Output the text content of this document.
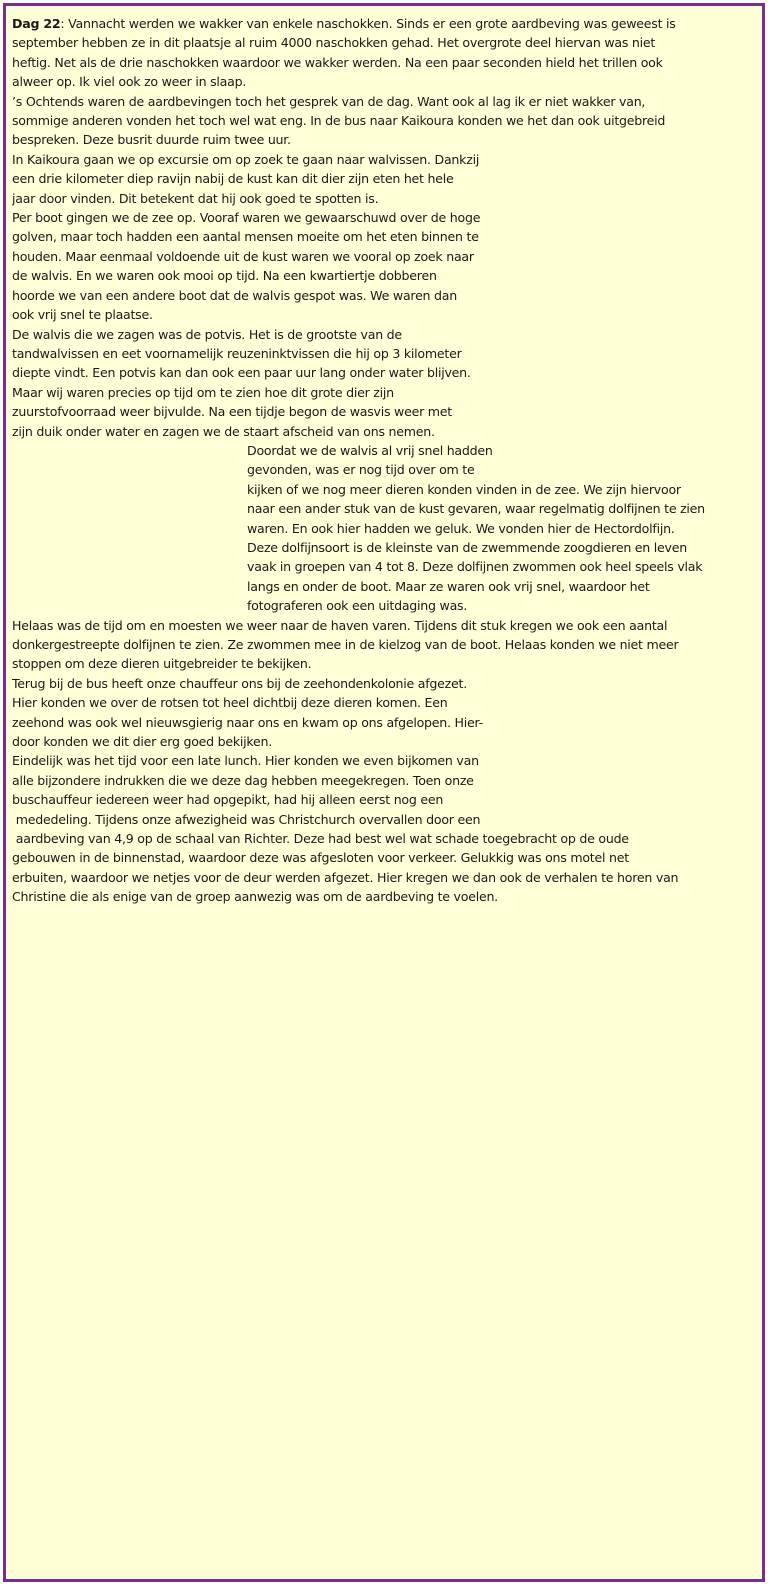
Dag 22: Vannacht werden we wakker van enkele naschokken. Sinds er een grote aardbeving was geweest is
september hebben ze in dit plaatsje al ruim 4000 naschokken gehad. Het overgrote deel hiervan was niet
heftig. Net als de drie naschokken waardoor we wakker werden. Na een paar seconden hield het trillen ook
alweer op. Ik viel ook zo weer in slaap.
’s Ochtends waren de aardbevingen toch het gesprek van de dag. Want ook al lag ik er niet wakker van,
sommige anderen vonden het toch wel wat eng. In de bus naar Kaikoura konden we het dan ook uitgebreid
bespreken. Deze busrit duurde ruim twee uur.
In Kaikoura gaan we op excursie om op zoek te gaan naar walvissen. Dankzij
een drie kilometer diep ravijn nabij de kust kan dit dier zijn eten het hele
jaar door vinden. Dit betekent dat hij ook goed te spotten is.
Per boot gingen we de zee op. Vooraf waren we gewaarschuwd over de hoge
golven, maar toch hadden een aantal mensen moeite om het eten binnen te
houden. Maar eenmaal voldoende uit de kust waren we vooral op zoek naar
de walvis. En we waren ook mooi op tijd. Na een kwartiertje dobberen
hoorde we van een andere boot dat de walvis gespot was. We waren dan
ook vrij snel te plaatse.
De walvis die we zagen was de potvis. Het is de grootste van de
tandwalvissen en eet voornamelijk reuzeninktvissen die hij op 3 kilometer
diepte vindt. Een potvis kan dan ook een paar uur lang onder water blijven.
Maar wij waren precies op tijd om te zien hoe dit grote dier zijn
zuurstofvoorraad weer bijvulde. Na een tijdje begon de wasvis weer met
zijn duik onder water en zagen we de staart afscheid van ons nemen.
Doordat we de walvis al vrij snel hadden
gevonden, was er nog tijd over om te
kijken of we nog meer dieren konden vinden in de zee. We zijn hiervoor
naar een ander stuk van de kust gevaren, waar regelmatig dolfijnen te zien
waren. En ook hier hadden we geluk. We vonden hier de Hectordolfijn.
Deze dolfijnsoort is de kleinste van de zwemmende zoogdieren en leven
vaak in groepen van 4 tot 8. Deze dolfijnen zwommen ook heel speels vlak
langs en onder de boot. Maar ze waren ook vrij snel, waardoor het
fotograferen ook een uitdaging was.
Helaas was de tijd om en moesten we weer naar de haven varen. Tijdens dit stuk kregen we ook een aantal
donkergestreepte dolfijnen te zien. Ze zwommen mee in de kielzog van de boot. Helaas konden we niet meer
stoppen om deze dieren uitgebreider te bekijken.
Terug bij de bus heeft onze chauffeur ons bij de zeehondenkolonie afgezet.
Hier konden we over de rotsen tot heel dichtbij deze dieren komen. Een
zeehond was ook wel nieuwsgierig naar ons en kwam op ons afgelopen. Hier-
door konden we dit dier erg goed bekijken.
Eindelijk was het tijd voor een late lunch. Hier konden we even bijkomen van
alle bijzondere indrukken die we deze dag hebben meegekregen. Toen onze
buschauffeur iedereen weer had opgepikt, had hij alleen eerst nog een
mededeling. Tijdens onze afwezigheid was Christchurch overvallen door een
aardbeving van 4,9 op de schaal van Richter. Deze had best wel wat schade toegebracht op de oude
gebouwen in de binnenstad, waardoor deze was afgesloten voor verkeer. Gelukkig was ons motel net
erbuiten, waardoor we netjes voor de deur werden afgezet. Hier kregen we dan ook de verhalen te horen van
Christine die als enige van de groep aanwezig was om de aardbeving te voelen.
